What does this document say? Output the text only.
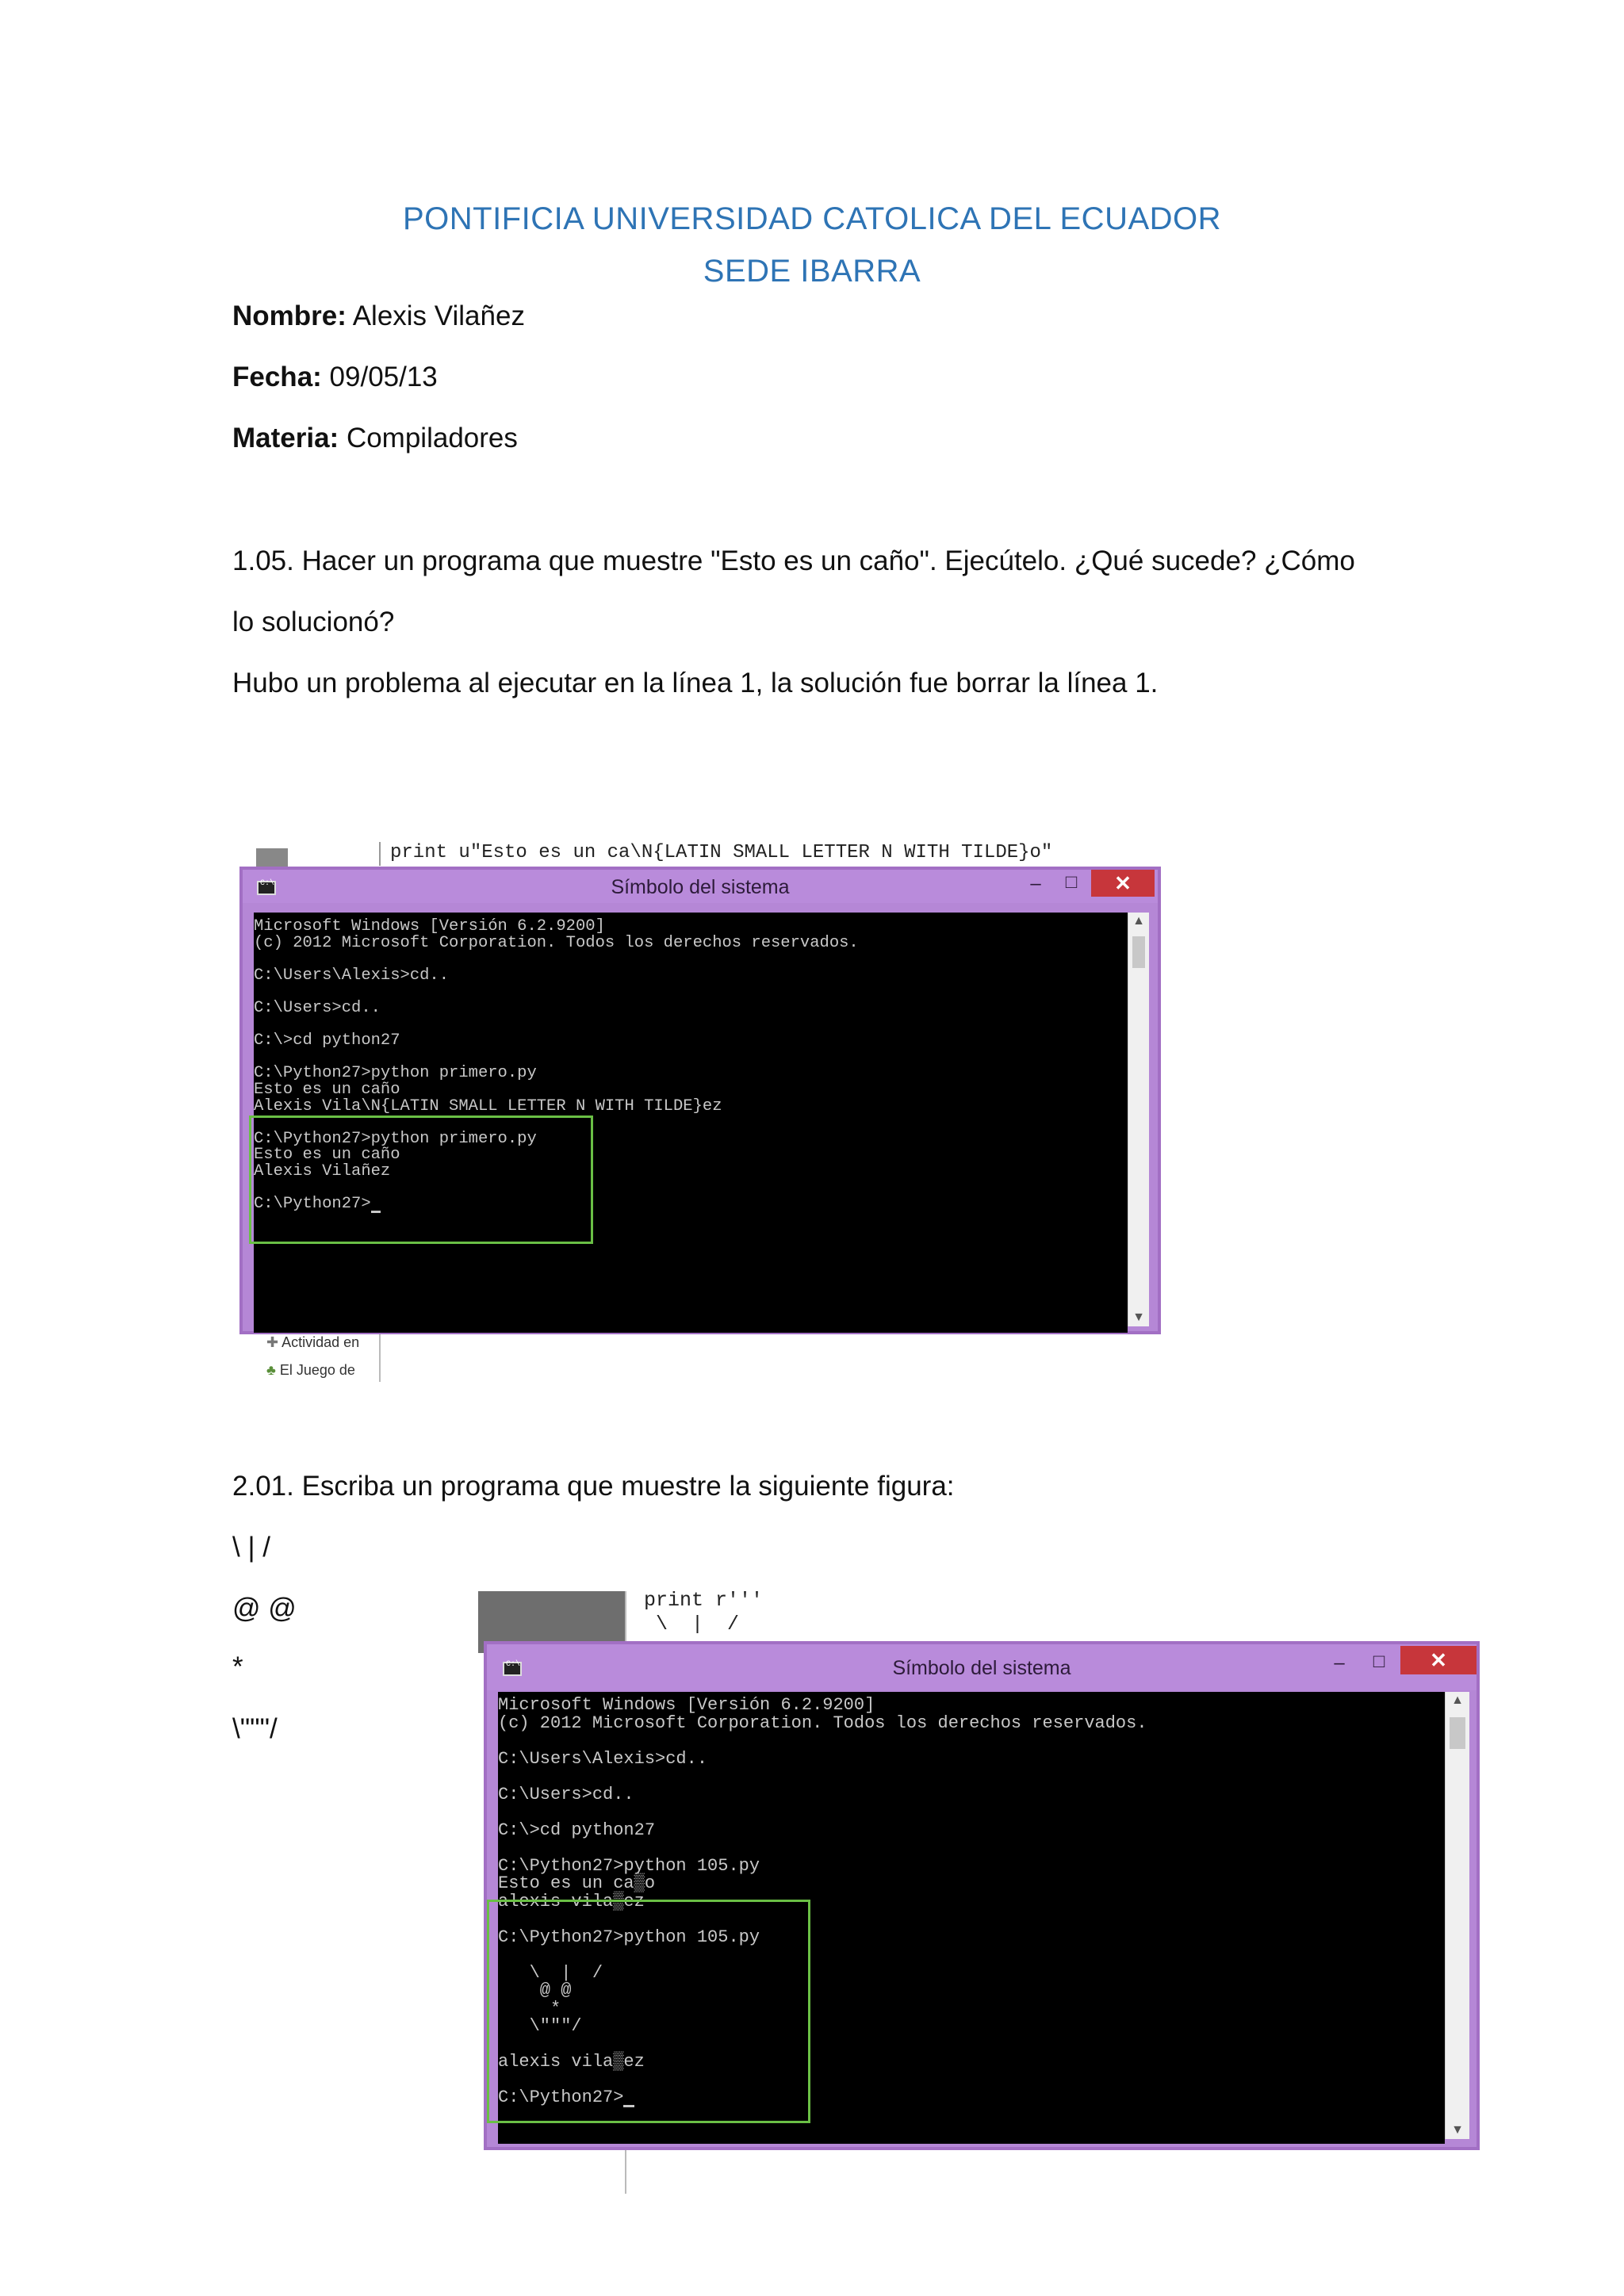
PONTIFICIA UNIVERSIDAD CATOLICA DEL ECUADOR
SEDE IBARRA
Nombre: Alexis Vilañez
Fecha: 09/05/13
Materia: Compiladores
1.05. Hacer un programa que muestre "Esto es un caño". Ejecútelo. ¿Qué sucede? ¿Cómo
lo solucionó?
Hubo un problema al ejecutar en la línea 1, la solución fue borrar la línea 1.
print u"Esto es un ca\N{LATIN SMALL LETTER N WITH TILDE}o"
C:\
Símbolo del sistema	–	□	✕
Microsoft Windows [Versión 6.2.9200]
(c) 2012 Microsoft Corporation. Todos los derechos reservados.

C:\Users\Alexis>cd..

C:\Users>cd..

C:\>cd python27

C:\Python27>python primero.py
Esto es un caño
Alexis Vila\N{LATIN SMALL LETTER N WITH TILDE}ez

C:\Python27>python primero.py
Esto es un caño
Alexis Vilañez

C:\Python27>
▲
▼
✚ Actividad en
♣ El Juego de
2.01. Escriba un programa que muestre la siguiente figura:
\ | /
@ @
*
\"""/
print r'''
\  |  /
C:\
Símbolo del sistema	–	□	✕
Microsoft Windows [Versión 6.2.9200]
(c) 2012 Microsoft Corporation. Todos los derechos reservados.

C:\Users\Alexis>cd..

C:\Users>cd..

C:\>cd python27

C:\Python27>python 105.py
Esto es un ca▒o
alexis vila▒ez

C:\Python27>python 105.py

\  |  /
@ @
*
\"""/

alexis vila▒ez

C:\Python27>
▲
▼
